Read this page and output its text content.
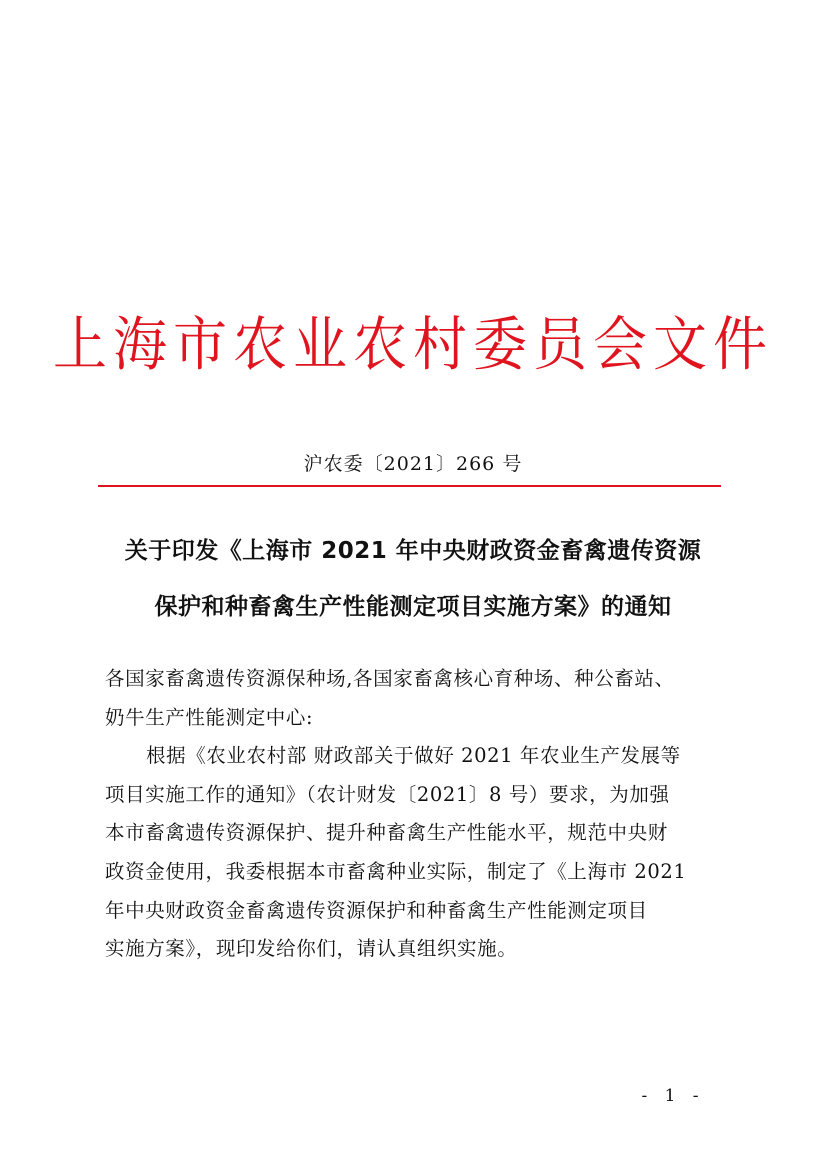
上海市农业农村委员会文件
沪农委〔2021〕266 号
关于印发《上海市 2021 年中央财政资金畜禽遗传资源
保护和种畜禽生产性能测定项目实施方案》的通知
各国家畜禽遗传资源保种场,各国家畜禽核心育种场、种公畜站、
奶牛生产性能测定中心:
根据《农业农村部 财政部关于做好 2021 年农业生产发展等
项目实施工作的通知》（农计财发〔2021〕8 号）要求，为加强
本市畜禽遗传资源保护、提升种畜禽生产性能水平，规范中央财
政资金使用，我委根据本市畜禽种业实际，制定了《上海市 2021
年中央财政资金畜禽遗传资源保护和种畜禽生产性能测定项目
实施方案》，现印发给你们，请认真组织实施。
- 1 -
